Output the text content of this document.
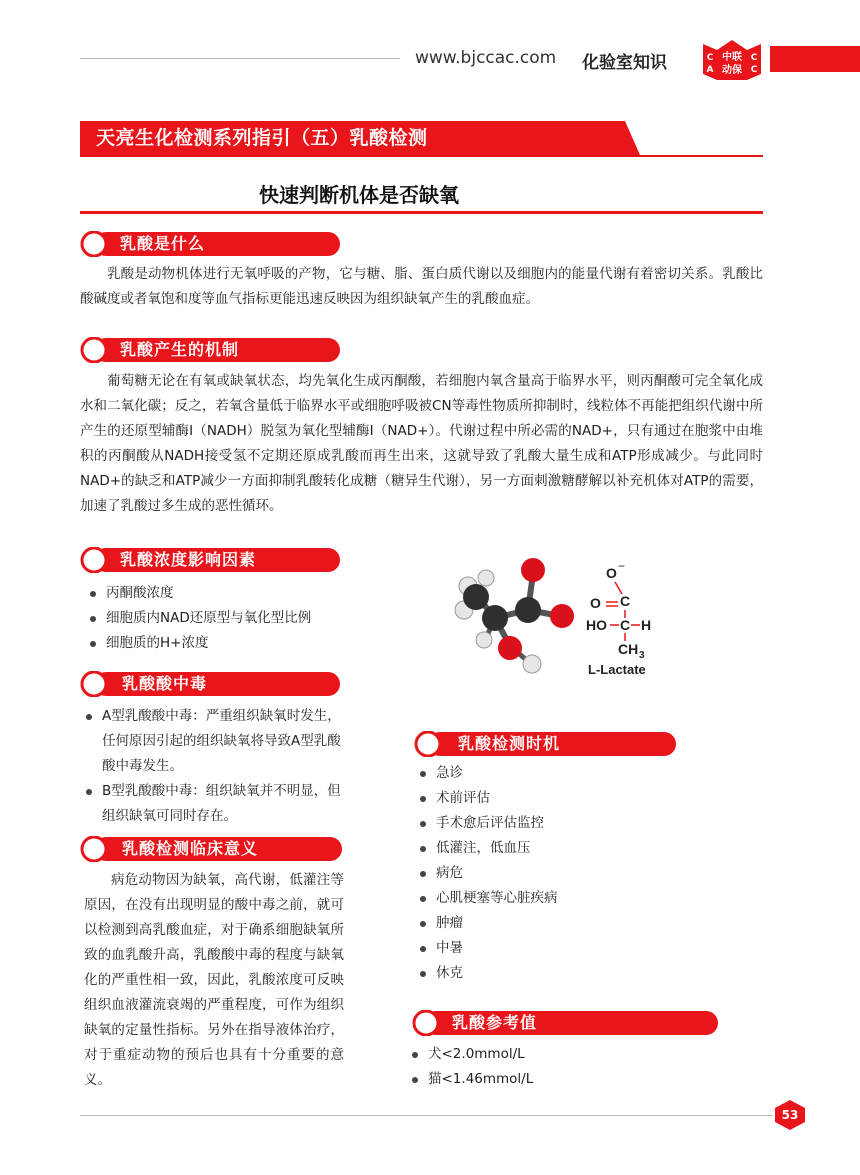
www.bjccac.com 化验室知识	C
A
C
C
中联
动保
天亮生化检测系列指引（五）乳酸检测
快速判断机体是否缺氧
乳酸是什么

乳酸是动物机体进行无氧呼吸的产物，它与糖、脂、蛋白质代谢以及细胞内的能量代谢有着密切关系。乳酸比酸碱度或者氧饱和度等血气指标更能迅速反映因为组织缺氧产生的乳酸血症。

乳酸产生的机制

葡萄糖无论在有氧或缺氧状态，均先氧化生成丙酮酸，若细胞内氧含量高于临界水平，则丙酮酸可完全氧化成水和二氧化碳；反之，若氧含量低于临界水平或细胞呼吸被CN等毒性物质所抑制时，线粒体不再能把组织代谢中所产生的还原型辅酶Ⅰ（NADH）脱氢为氧化型辅酶Ⅰ（NAD+）。代谢过程中所必需的NAD+，只有通过在胞浆中由堆积的丙酮酸从NADH接受氢不定期还原成乳酸而再生出来，这就导致了乳酸大量生成和ATP形成减少。与此同时NAD+的缺乏和ATP减少一方面抑制乳酸转化成糖（糖异生代谢），另一方面刺激糖酵解以补充机体对ATP的需要，加速了乳酸过多生成的恶性循环。

乳酸浓度影响因素
丙酮酸浓度
细胞质内NAD还原型与氧化型比例
细胞质的H+浓度
乳酸酸中毒
A型乳酸酸中毒：严重组织缺氧时发生，任何原因引起的组织缺氧将导致A型乳酸酸中毒发生。
B型乳酸酸中毒：组织缺氧并不明显，但组织缺氧可同时存在。
乳酸检测临床意义

病危动物因为缺氧，高代谢，低灌注等原因，在没有出现明显的酸中毒之前，就可以检测到高乳酸血症，对于确系细胞缺氧所致的血乳酸升高，乳酸酸中毒的程度与缺氧化的严重性相一致，因此，乳酸浓度可反映组织血液灌流衰竭的严重程度，可作为组织缺氧的定量性指标。另外在指导液体治疗，对于重症动物的预后也具有十分重要的意义。

O −
C
O
HO C H
CH 3
L-Lactate
乳酸检测时机
急诊
术前评估
手术愈后评估监控
低灌注，低血压
病危
心肌梗塞等心脏疾病
肿瘤
中暑
休克
乳酸参考值
犬<2.0mmol/L
猫<1.46mmol/L
53
